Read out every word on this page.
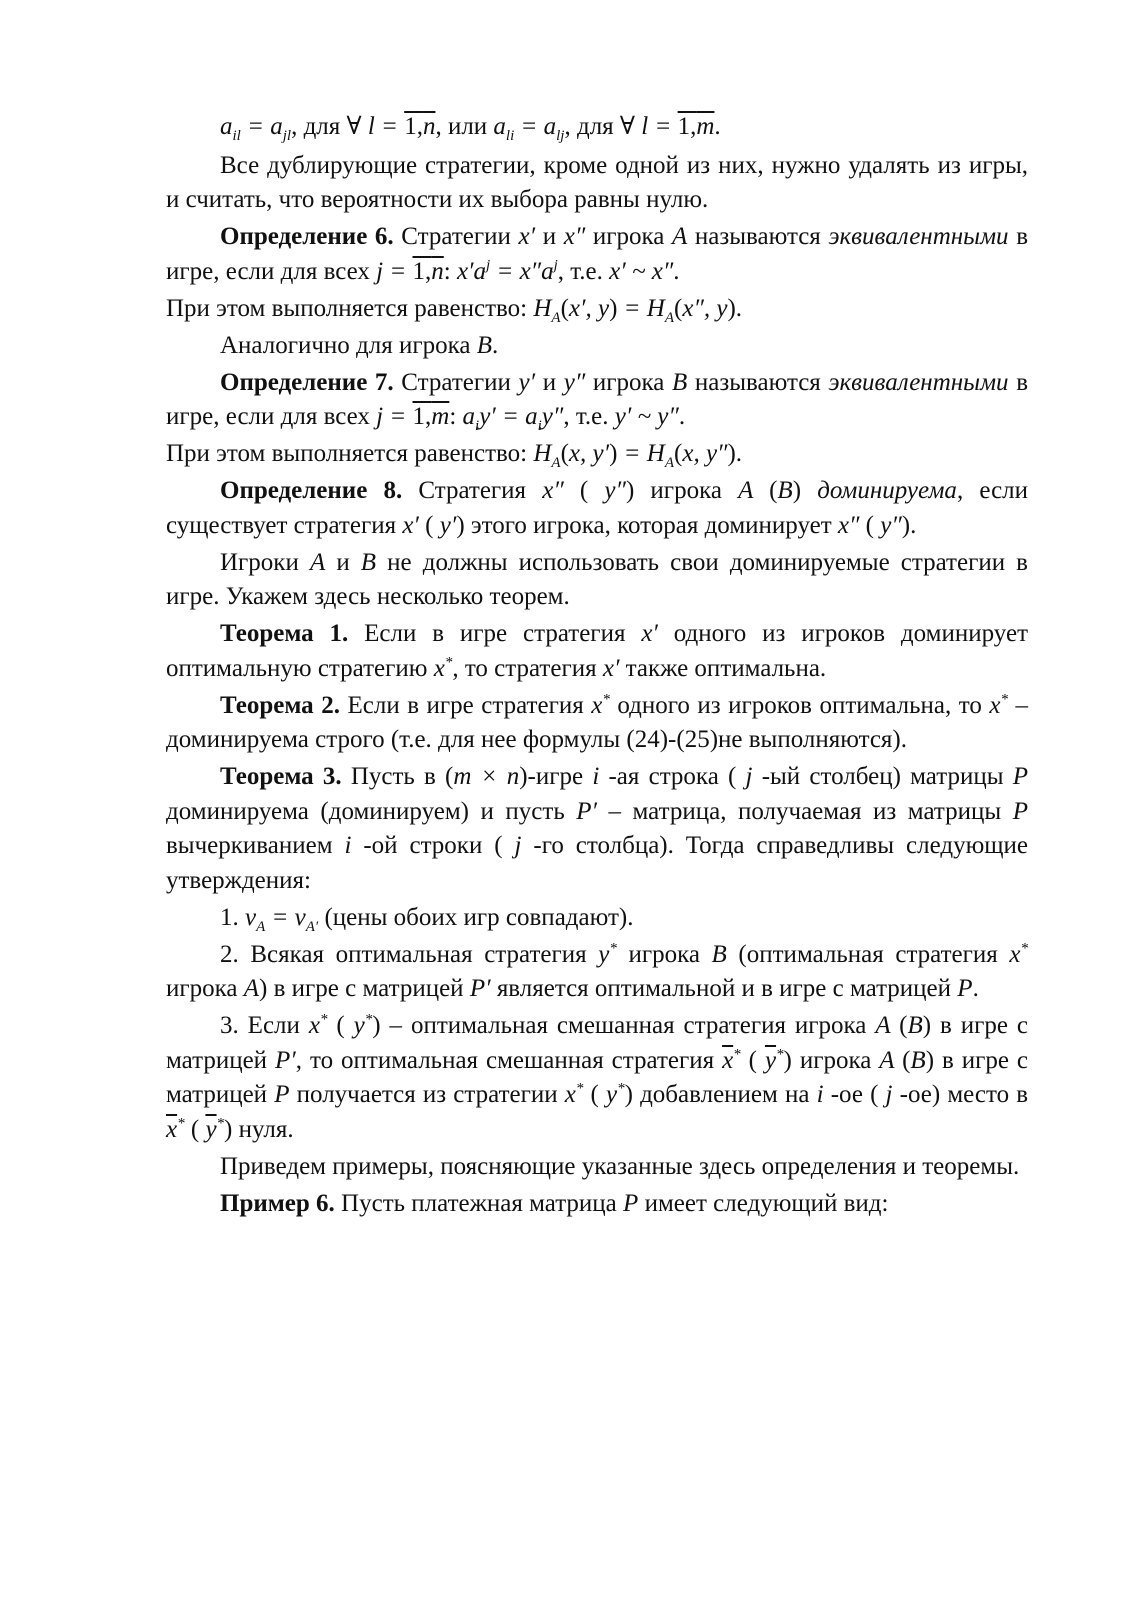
$a_{il} = a_{jl}$, для ∀ $l = 1,\overline{n}$, или $a_{li} = a_{lj}$, для ∀ $l = 1,\overline{m}$.

Все дублирующие стратегии, кроме одной из них, нужно удалять из игры, и считать, что вероятности их выбора равны нулю.

Определение 6. Стратегии x′ и x″ игрока A называются эквивалентными в игре, если для всех $j = 1,\overline{n}$: $x'a^j = x''a^j$, т.е. x′ ~ x″.

При этом выполняется равенство: $H_A(x'$, $y) = H_A(x''$, y).

Аналогично для игрока B.

Определение 7. Стратегии y′ и y″ игрока B называются эквивалентными в игре, если для всех $j = 1,\overline{m}$: $a_iy' = a_iy''$, т.е. y′ ~ y″.

При этом выполняется равенство: $H_A(x$, $y') = H_A(x$, y″).

Определение 8. Стратегия x″ ( y″) игрока A (B) доминируема, если существует стратегия x′ ( y′) этого игрока, которая доминирует x″ ( y″).

Игроки A и B не должны использовать свои доминируемые стратегии в игре. Укажем здесь несколько теорем.

Теорема 1. Если в игре стратегия x′ одного из игроков доминирует оптимальную стратегию x*, то стратегия x′ также оптимальна.

Теорема 2. Если в игре стратегия x* одного из игроков оптимальна, то x* – доминируема строго (т.е. для нее формулы (24)-(25)не выполняются).

Теорема 3. Пусть в (m × n)-игре i -ая строка ( j -ый столбец) матрицы P доминируема (доминируем) и пусть P′ – матрица, получаемая из матрицы P вычеркиванием i -ой строки ( j -го столбца). Тогда справедливы следующие утверждения:

1. $v_A = v_{A'}$ (цены обоих игр совпадают).

2. Всякая оптимальная стратегия y* игрока B (оптимальная стратегия x* игрока A) в игре с матрицей P′ является оптимальной и в игре с матрицей P.

3. Если x* ( y*) – оптимальная смешанная стратегия игрока A (B) в игре с матрицей P′, то оптимальная смешанная стратегия $\overline{x}^*$ ( $\overline{y}^*$) игрока A (B) в игре с матрицей P получается из стратегии x* ( y*) добавлением на i -ое ( j -ое) место в $\overline{x}^*$ ( $\overline{y}^*$) нуля.

Приведем примеры, поясняющие указанные здесь определения и теоремы.

Пример 6. Пусть платежная матрица P имеет следующий вид:
